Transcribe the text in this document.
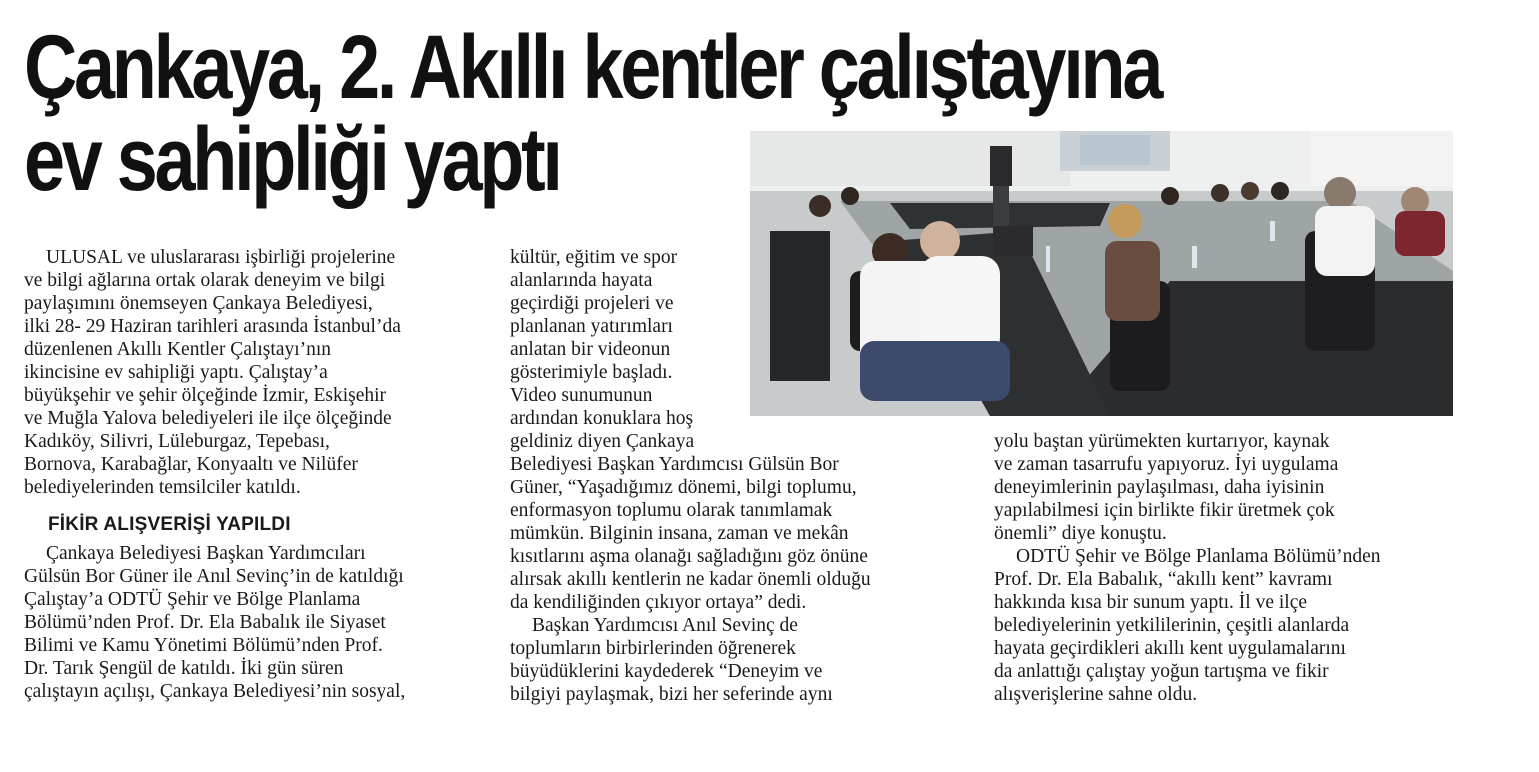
Çankaya, 2. Akıllı kentler çalıştayına
ev sahipliği yaptı

ULUSAL ve uluslararası işbirliği projelerine
ve bilgi ağlarına ortak olarak deneyim ve bilgi
paylaşımını önemseyen Çankaya Belediyesi,
ilki 28- 29 Haziran tarihleri arasında İstanbul’da
düzenlenen Akıllı Kentler Çalıştayı’nın
ikincisine ev sahipliği yaptı. Çalıştay’a
büyükşehir ve şehir ölçeğinde İzmir, Eskişehir
ve Muğla Yalova belediyeleri ile ilçe ölçeğinde
Kadıköy, Silivri, Lüleburgaz, Tepebası,
Bornova, Karabağlar, Konyaaltı ve Nilüfer
belediyelerinden temsilciler katıldı.

FİKİR ALIŞVERİŞİ YAPILDI

Çankaya Belediyesi Başkan Yardımcıları
Gülsün Bor Güner ile Anıl Sevinç’in de katıldığı
Çalıştay’a ODTÜ Şehir ve Bölge Planlama
Bölümü’nden Prof. Dr. Ela Babalık ile Siyaset
Bilimi ve Kamu Yönetimi Bölümü’nden Prof.
Dr. Tarık Şengül de katıldı. İki gün süren
çalıştayın açılışı, Çankaya Belediyesi’nin sosyal,

kültür, eğitim ve spor
alanlarında hayata
geçirdiği projeleri ve
planlanan yatırımları
anlatan bir videonun
gösterimiyle başladı.
Video sunumunun
ardından konuklara hoş
geldiniz diyen Çankaya
Belediyesi Başkan Yardımcısı Gülsün Bor
Güner, “Yaşadığımız dönemi, bilgi toplumu,
enformasyon toplumu olarak tanımlamak
mümkün. Bilginin insana, zaman ve mekân
kısıtlarını aşma olanağı sağladığını göz önüne
alırsak akıllı kentlerin ne kadar önemli olduğu
da kendiliğinden çıkıyor ortaya” dedi.

Başkan Yardımcısı Anıl Sevinç de
toplumların birbirlerinden öğrenerek
büyüdüklerini kaydederek “Deneyim ve
bilgiyi paylaşmak, bizi her seferinde aynı

yolu baştan yürümekten kurtarıyor, kaynak
ve zaman tasarrufu yapıyoruz. İyi uygulama
deneyimlerinin paylaşılması, daha iyisinin
yapılabilmesi için birlikte fikir üretmek çok
önemli” diye konuştu.

ODTÜ Şehir ve Bölge Planlama Bölümü’nden
Prof. Dr. Ela Babalık, “akıllı kent” kavramı
hakkında kısa bir sunum yaptı. İl ve ilçe
belediyelerinin yetkililerinin, çeşitli alanlarda
hayata geçirdikleri akıllı kent uygulamalarını
da anlattığı çalıştay yoğun tartışma ve fikir
alışverişlerine sahne oldu.
